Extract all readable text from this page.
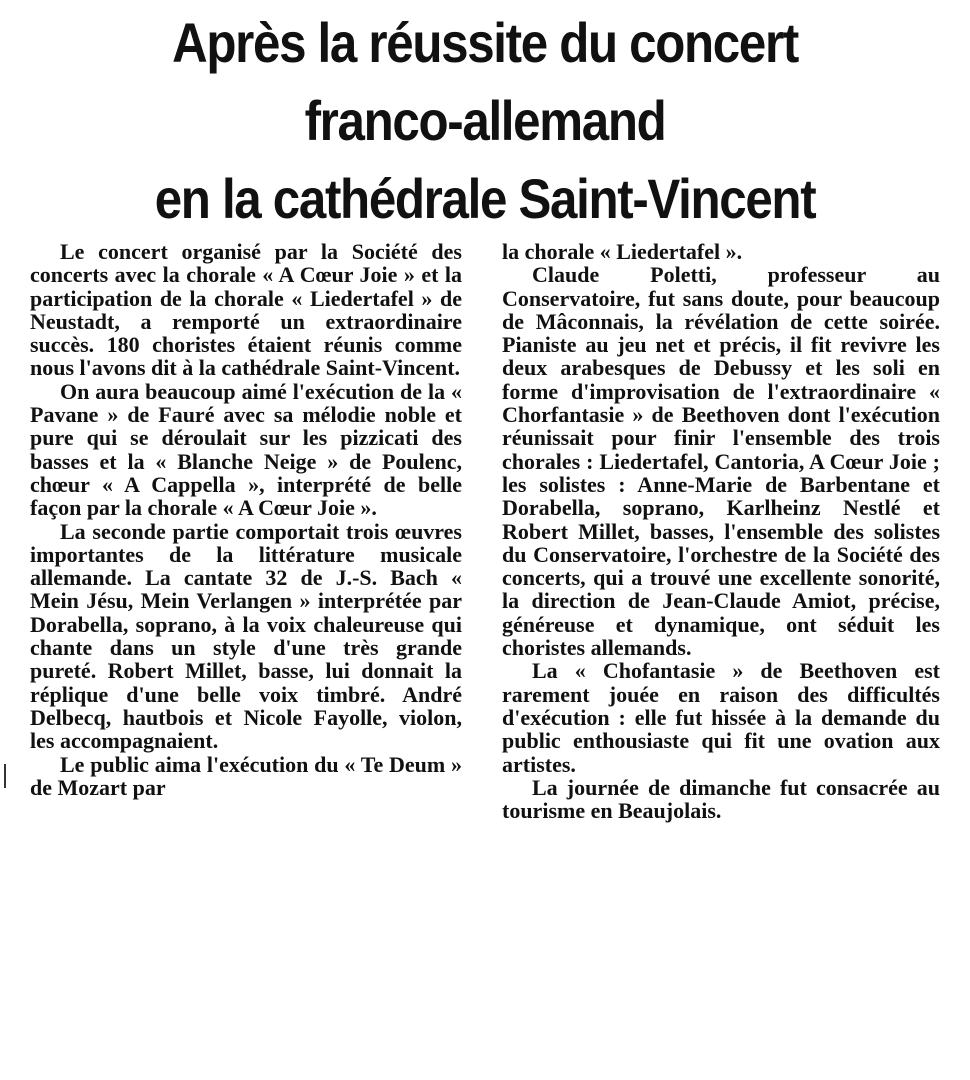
Après la réussite du concert
franco-allemand
en la cathédrale Saint-Vincent

Le concert organisé par la Société des concerts avec la chorale « A Cœur Joie » et la participation de la chorale « Liedertafel » de Neustadt, a remporté un extraordinaire succès. 180 choristes étaient réunis comme nous l'avons dit à la cathédrale Saint-Vincent.

On aura beaucoup aimé l'exécution de la « Pavane » de Fauré avec sa mélodie noble et pure qui se déroulait sur les pizzicati des basses et la « Blanche Neige » de Poulenc, chœur « A Cappella », interprété de belle façon par la chorale « A Cœur Joie ».

La seconde partie comportait trois œuvres importantes de la littérature musicale allemande. La cantate 32 de J.-S. Bach « Mein Jésu, Mein Verlangen » interprétée par Dorabella, soprano, à la voix chaleureuse qui chante dans un style d'une très grande pureté. Robert Millet, basse, lui donnait la réplique d'une belle voix timbré. André Delbecq, hautbois et Nicole Fayolle, violon, les accompagnaient.

Le public aima l'exécution du « Te Deum » de Mozart par

la chorale « Liedertafel ».

Claude Poletti, professeur au Conservatoire, fut sans doute, pour beaucoup de Mâconnais, la révélation de cette soirée. Pianiste au jeu net et précis, il fit revivre les deux arabesques de Debussy et les soli en forme d'improvisation de l'extraordinaire « Chorfantasie » de Beethoven dont l'exécution réunissait pour finir l'ensemble des trois chorales : Liedertafel, Cantoria, A Cœur Joie ; les solistes : Anne-Marie de Barbentane et Dorabella, soprano, Karlheinz Nestlé et Robert Millet, basses, l'ensemble des solistes du Conservatoire, l'orchestre de la Société des concerts, qui a trouvé une excellente sonorité, la direction de Jean-Claude Amiot, précise, généreuse et dynamique, ont séduit les choristes allemands.

La « Chofantasie » de Beethoven est rarement jouée en raison des difficultés d'exécution : elle fut hissée à la demande du public enthousiaste qui fit une ovation aux artistes.

La journée de dimanche fut consacrée au tourisme en Beaujolais.
